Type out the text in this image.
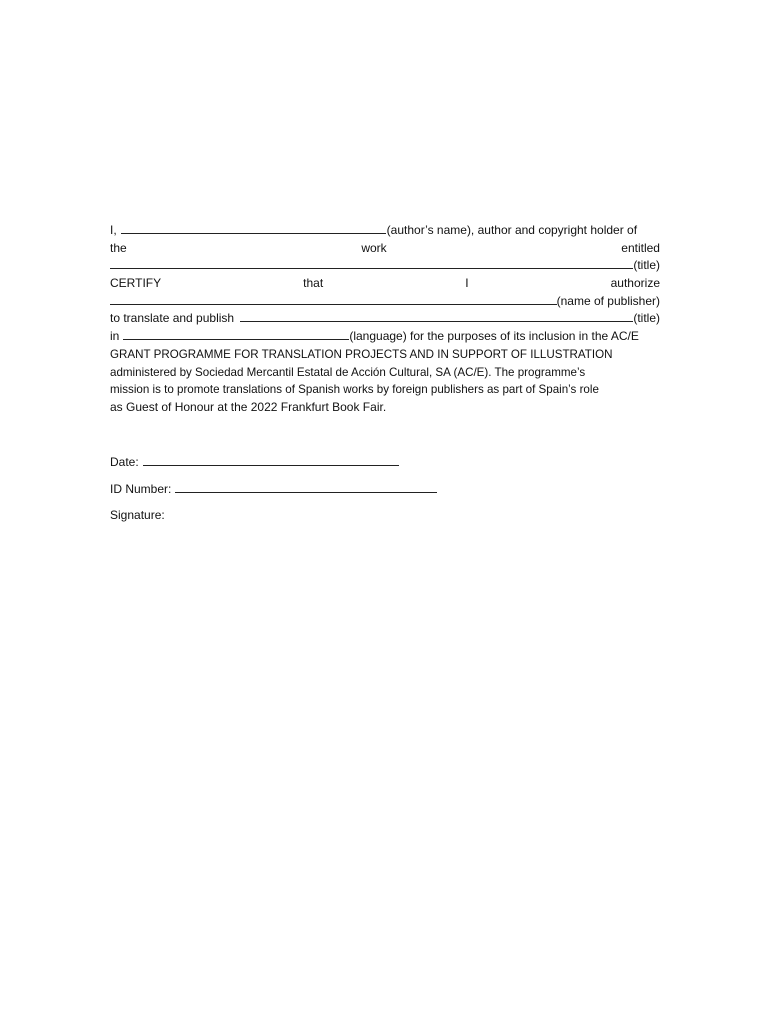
I,	(author’s name), author and copyright holder of
the	work	entitled
(title)
CERTIFY	that	I	authorize
(name of publisher)
to translate and publish	(title)
in	(language) for the purposes of its inclusion in the AC/E
GRANT PROGRAMME FOR TRANSLATION PROJECTS AND IN SUPPORT OF ILLUSTRATION
administered by Sociedad Mercantil Estatal de Acción Cultural, SA (AC/E). The programme’s
mission is to promote translations of Spanish works by foreign publishers as part of Spain’s role
as Guest of Honour at the 2022 Frankfurt Book Fair.
Date:
ID Number:
Signature:
